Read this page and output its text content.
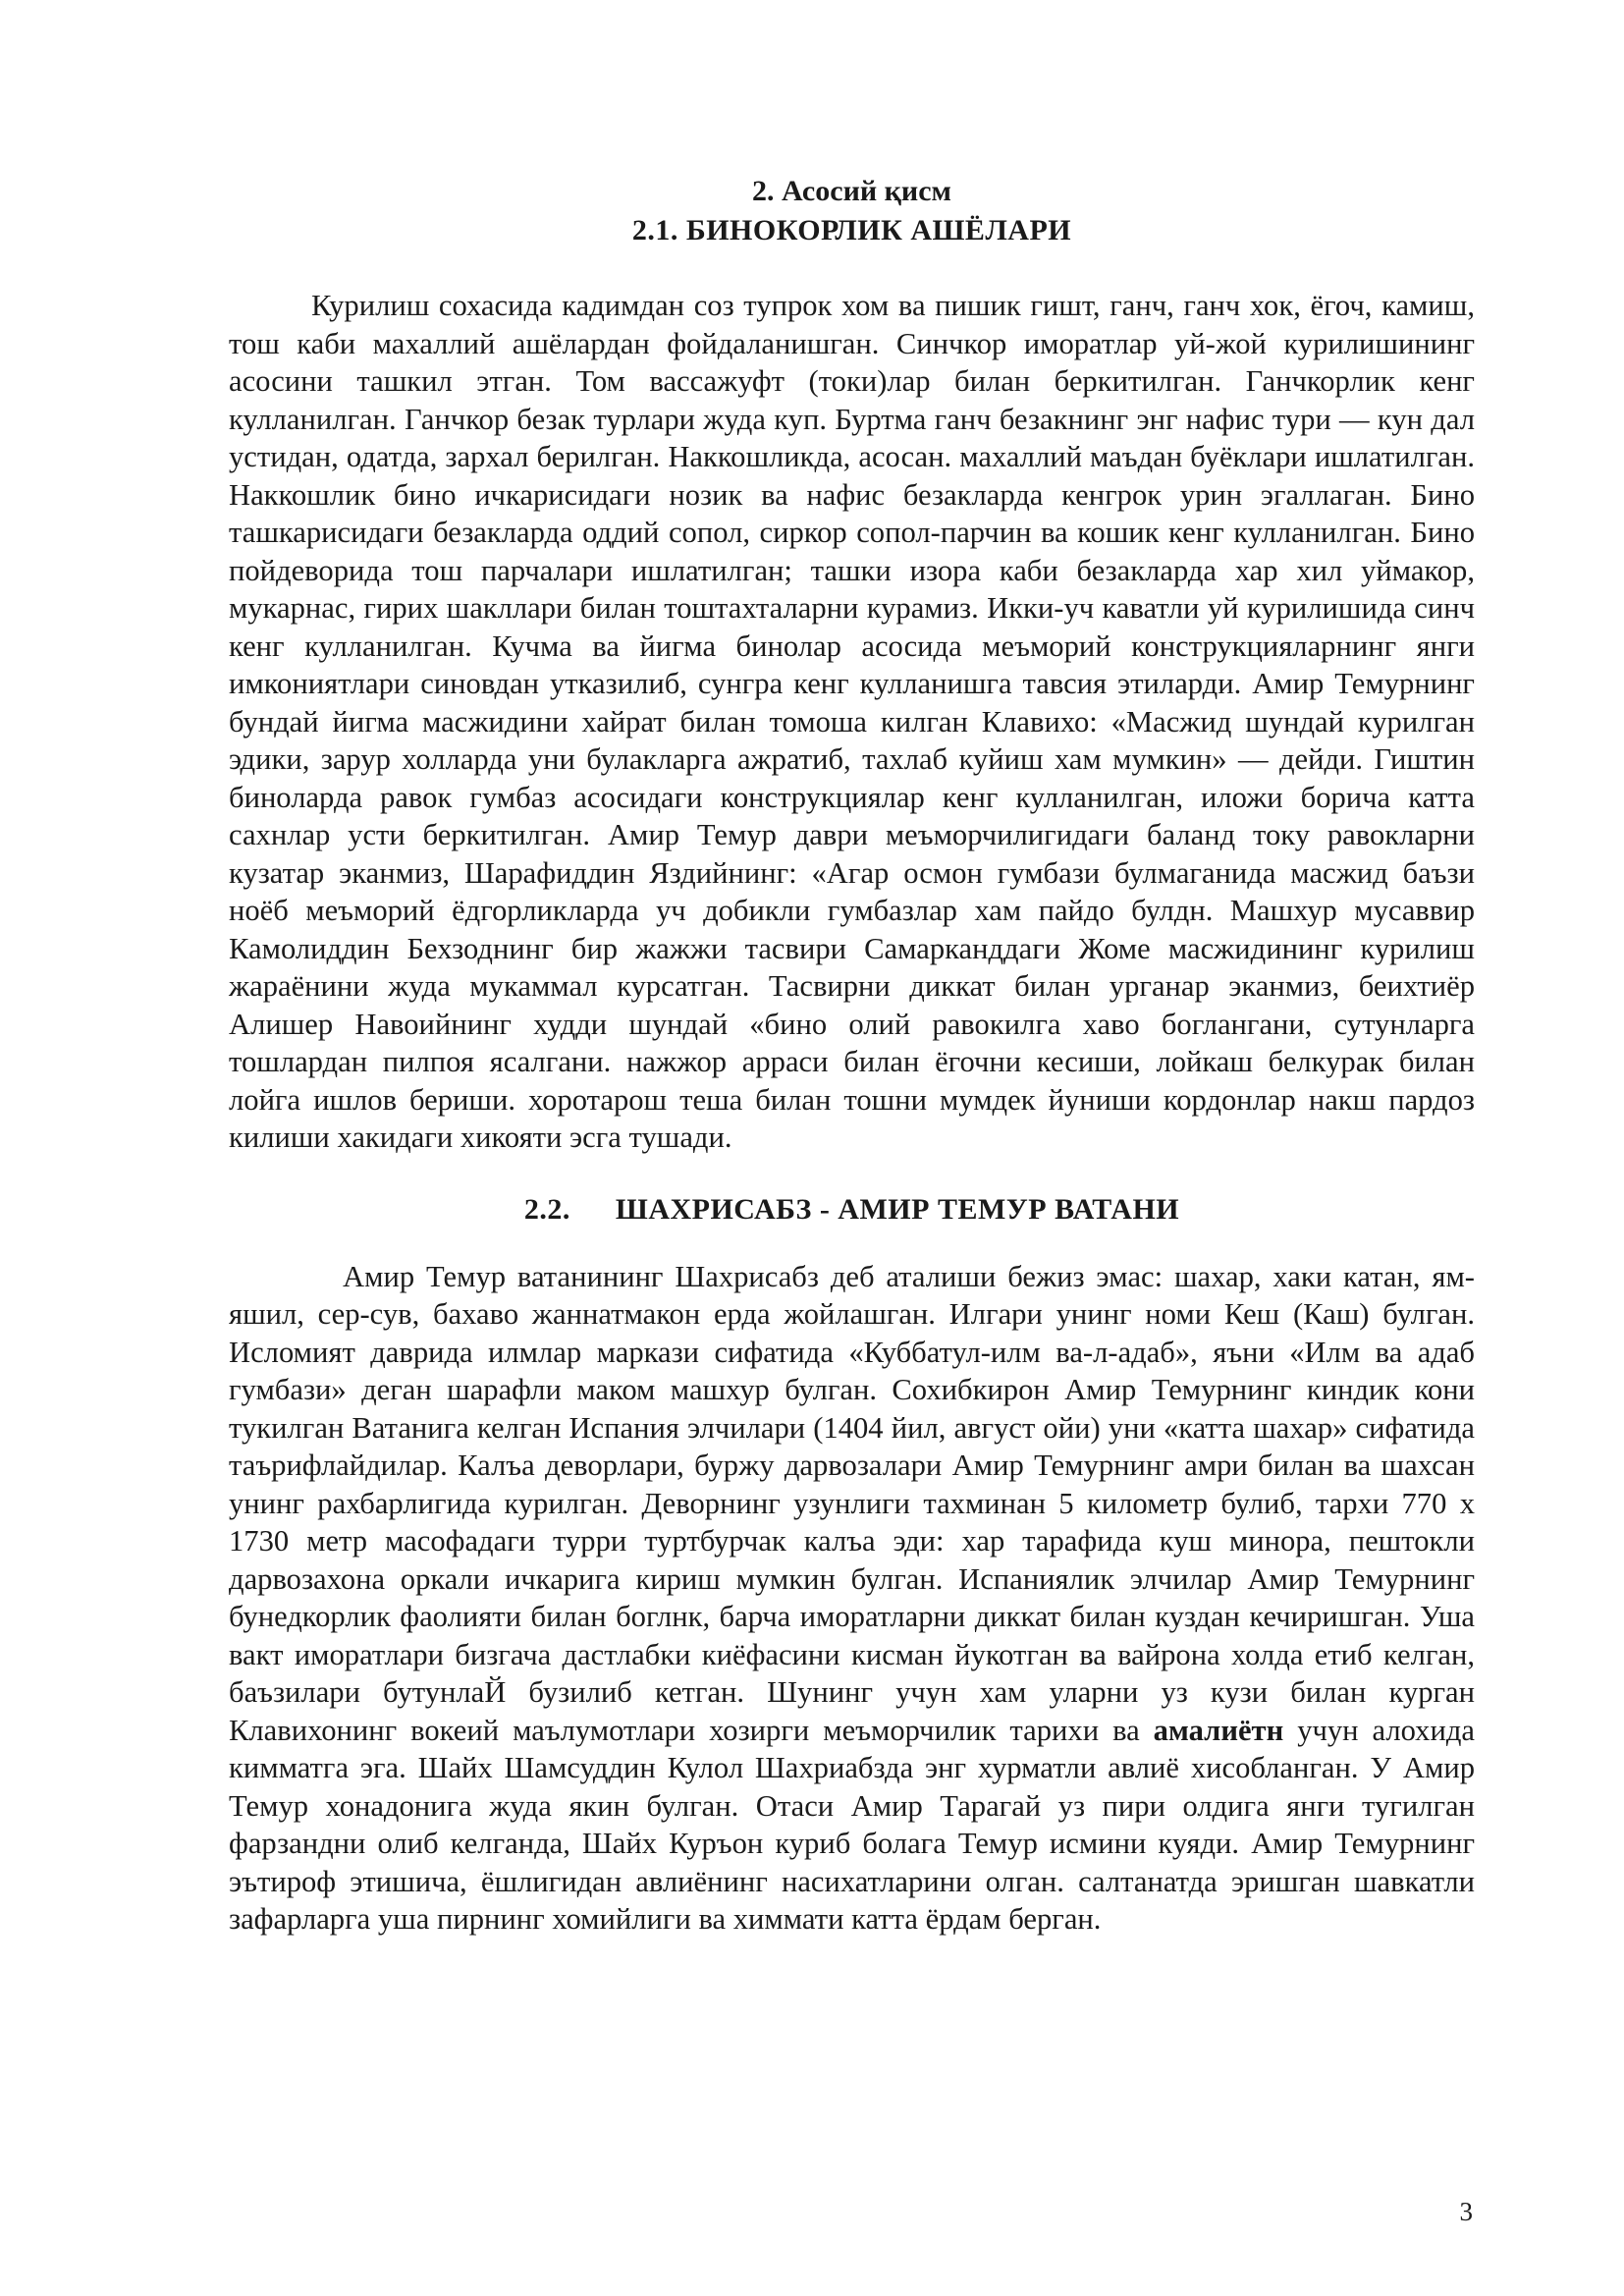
2. Асосий қисм
2.1. БИНОКОРЛИК АШЁЛАРИ

Курилиш сохасида кадимдан соз тупрок хом ва пишик гишт, ганч, ганч хок, ёгоч, камиш, тош каби махаллий ашёлардан фойдаланишган. Синчкор иморатлар уй-жой курилишининг асосини ташкил этган. Том вассажуфт (токи)лар билан беркитилган. Ганчкорлик кенг кулланилган. Ганчкор безак турлари жуда куп. Буртма ганч безакнинг энг нафис тури — кун дал устидан, одатда, зархал берилган. Наккошликда, асосан. махаллий маъдан буёклари ишлатилган. Наккошлик бино ичкарисидаги нозик ва нафис безакларда кенгрок урин эгаллаган. Бино ташкарисидаги безакларда оддий сопол, сиркор сопол-парчин ва кошик кенг кулланилган. Бино пойдеворида тош парчалари ишлатилган; ташки изора каби безакларда хар хил уймакор, мукарнас, гирих шакллари билан тоштахталарни курамиз. Икки-уч каватли уй курилишида синч кенг кулланилган. Кучма ва йигма бинолар асосида меъморий конструкцияларнинг янги имкониятлари синовдан утказилиб, сунгра кенг кулланишга тавсия этиларди. Амир Темурнинг бундай йигма масжидини хайрат билан томоша килган Клавихо: «Масжид шундай курилган эдики, зарур холларда уни булакларга ажратиб, тахлаб куйиш хам мумкин» — дейди. Гиштин биноларда равок гумбаз асосидаги конструкциялар кенг кулланилган, иложи борича катта сахнлар усти беркитилган. Амир Темур даври меъморчилигидаги баланд току равокларни кузатар эканмиз, Шарафиддин Яздийнинг: «Агар осмон гумбази булмаганида масжид баъзи ноёб меъморий ёдгорликларда уч добикли гумбазлар хам пайдо булдн. Машхур мусаввир Камолиддин Бехзоднинг бир жажжи тасвири Самарканддаги Жоме масжидининг курилиш жараёнини жуда мукаммал курсатган. Тасвирни диккат билан урганар эканмиз, беихтиёр Алишер Навоийнинг худди шундай «бино олий равокилга хаво боглангани, сутунларга тошлардан пилпоя ясалгани. нажжор арраси билан ёгочни кесиши, лойкаш белкурак билан лойга ишлов бериши. хоротарош теша билан тошни мумдек йуниши кордонлар накш пардоз килиши хакидаги хикояти эсга тушади.

2.2. ШАХРИСАБЗ - АМИР ТЕМУР ВАТАНИ

Амир Темур ватанининг Шахрисабз деб аталиши бежиз эмас: шахар, хаки катан, ям-яшил, сер-сув, бахаво жаннатмакон ерда жойлашган. Илгари унинг номи Кеш (Каш) булган. Исломият даврида илмлар маркази сифатида «Куббатул-илм ва-л-адаб», яъни «Илм ва адаб гумбази» деган шарафли маком машхур булган. Сохибкирон Амир Темурнинг киндик кони тукилган Ватанига келган Испания элчилари (1404 йил, август ойи) уни «катта шахар» сифатида таърифлайдилар. Калъа деворлари, буржу дарвозалари Амир Темурнинг амри билан ва шахсан унинг рахбарлигида курилган. Деворнинг узунлиги тахминан 5 километр булиб, тархи 770 х 1730 метр масофадаги турри туртбурчак калъа эди: хар тарафида куш минора, пештокли дарвозахона оркали ичкарига кириш мумкин булган. Испаниялик элчилар Амир Темурнинг бунедкорлик фаолияти билан боглнк, барча иморатларни диккат билан куздан кечиришган. Уша вакт иморатлари бизгача дастлабки киёфасини кисман йукотган ва вайрона холда етиб келган, баъзилари бутунлаЙ бузилиб кетган. Шунинг учун хам уларни уз кузи билан курган Клавихонинг вокеий маълумотлари хозирги меъморчилик тарихи ва амалиётн учун алохида кимматга эга. Шайх Шамсуддин Кулол Шахриабзда энг хурматли авлиё хисобланган. У Амир Темур хонадонига жуда якин булган. Отаси Амир Тарагай уз пири олдига янги тугилган фарзандни олиб келганда, Шайх Куръон куриб болага Темур исмини куяди. Амир Темурнинг эътироф этишича, ёшлигидан авлиёнинг насихатларини олган. салтанатда эришган шавкатли зафарларга уша пирнинг хомийлиги ва химмати катта ёрдам берган.

3
